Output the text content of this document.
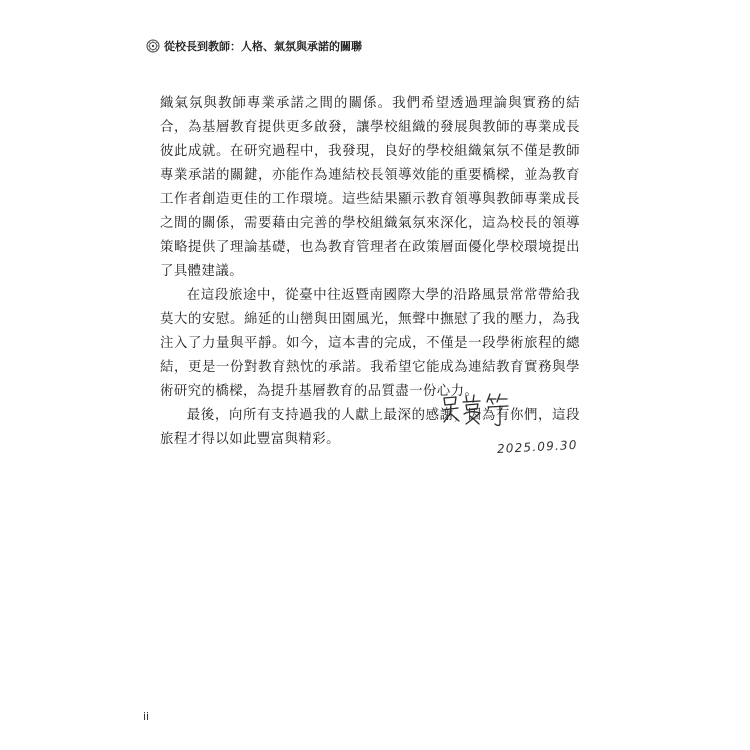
從校長到教師：人格、氣氛與承諾的關聯

織氣氛與教師專業承諾之間的關係。我們希望透過理論與實務的結合，為基層教育提供更多啟發，讓學校組織的發展與教師的專業成長彼此成就。在研究過程中，我發現，良好的學校組織氣氛不僅是教師專業承諾的關鍵，亦能作為連結校長領導效能的重要橋樑，並為教育工作者創造更佳的工作環境。這些結果顯示教育領導與教師專業成長之間的關係，需要藉由完善的學校組織氣氛來深化，這為校長的領導策略提供了理論基礎，也為教育管理者在政策層面優化學校環境提出了具體建議。

在這段旅途中，從臺中往返暨南國際大學的沿路風景常常帶給我莫大的安慰。綿延的山巒與田園風光，無聲中撫慰了我的壓力，為我注入了力量與平靜。如今，這本書的完成，不僅是一段學術旅程的總結，更是一份對教育熱忱的承諾。我希望它能成為連結教育實務與學術研究的橋樑，為提升基層教育的品質盡一份心力。

最後，向所有支持過我的人獻上最深的感謝，因為有你們，這段旅程才得以如此豐富與精彩。	2025.09.30
ii
